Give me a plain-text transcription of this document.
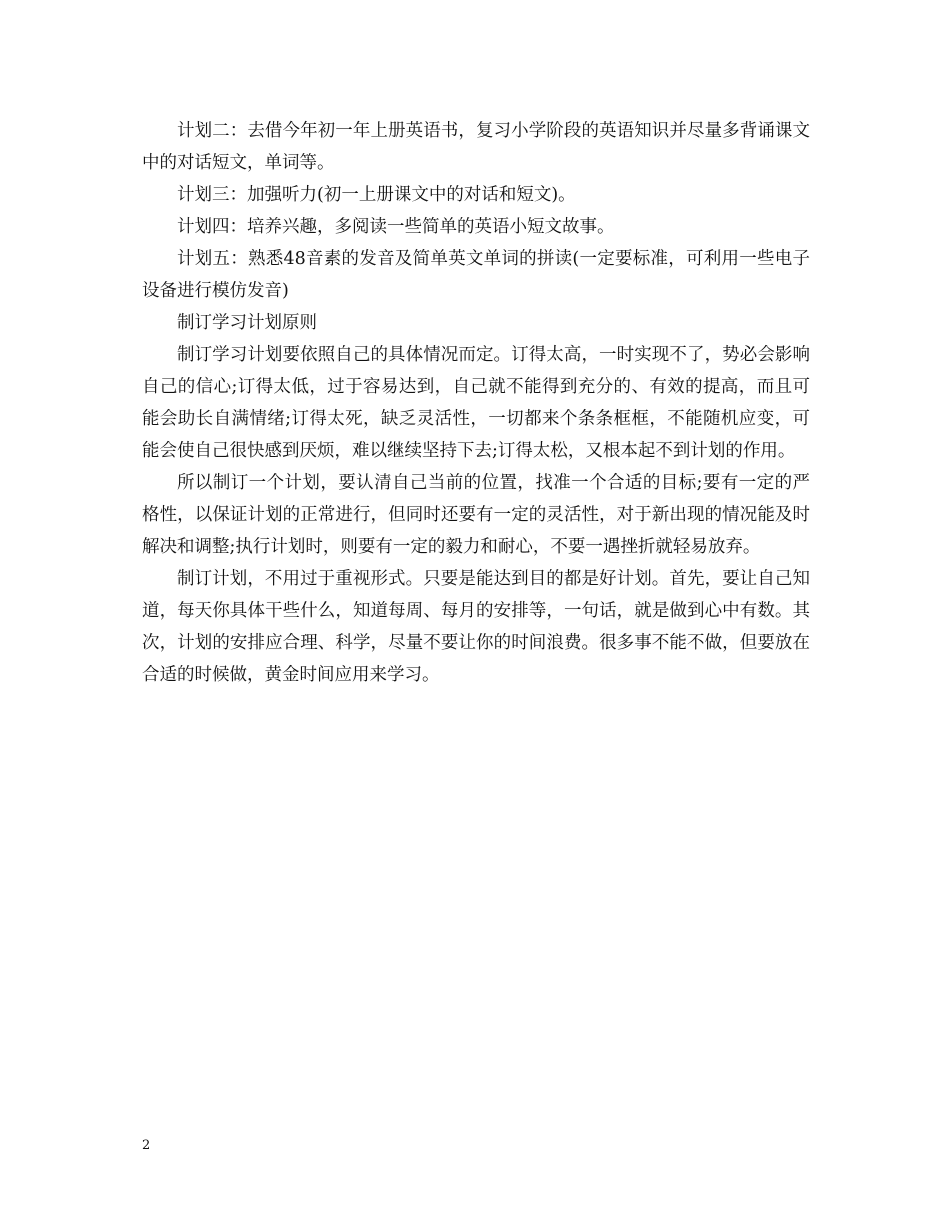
计划二：去借今年初一年上册英语书，复习小学阶段的英语知识并尽量多背诵课文中的对话短文，单词等。

计划三：加强听力(初一上册课文中的对话和短文)。

计划四：培养兴趣，多阅读一些简单的英语小短文故事。

计划五：熟悉48音素的发音及简单英文单词的拼读(一定要标准，可利用一些电子设备进行模仿发音)

制订学习计划原则

制订学习计划要依照自己的具体情况而定。订得太高，一时实现不了，势必会影响自己的信心;订得太低，过于容易达到，自己就不能得到充分的、有效的提高，而且可能会助长自满情绪;订得太死，缺乏灵活性，一切都来个条条框框，不能随机应变，可能会使自己很快感到厌烦，难以继续坚持下去;订得太松，又根本起不到计划的作用。

所以制订一个计划，要认清自己当前的位置，找准一个合适的目标;要有一定的严格性，以保证计划的正常进行，但同时还要有一定的灵活性，对于新出现的情况能及时解决和调整;执行计划时，则要有一定的毅力和耐心，不要一遇挫折就轻易放弃。

制订计划，不用过于重视形式。只要是能达到目的都是好计划。首先，要让自己知道，每天你具体干些什么，知道每周、每月的安排等，一句话，就是做到心中有数。其次，计划的安排应合理、科学，尽量不要让你的时间浪费。很多事不能不做，但要放在合适的时候做，黄金时间应用来学习。

2
